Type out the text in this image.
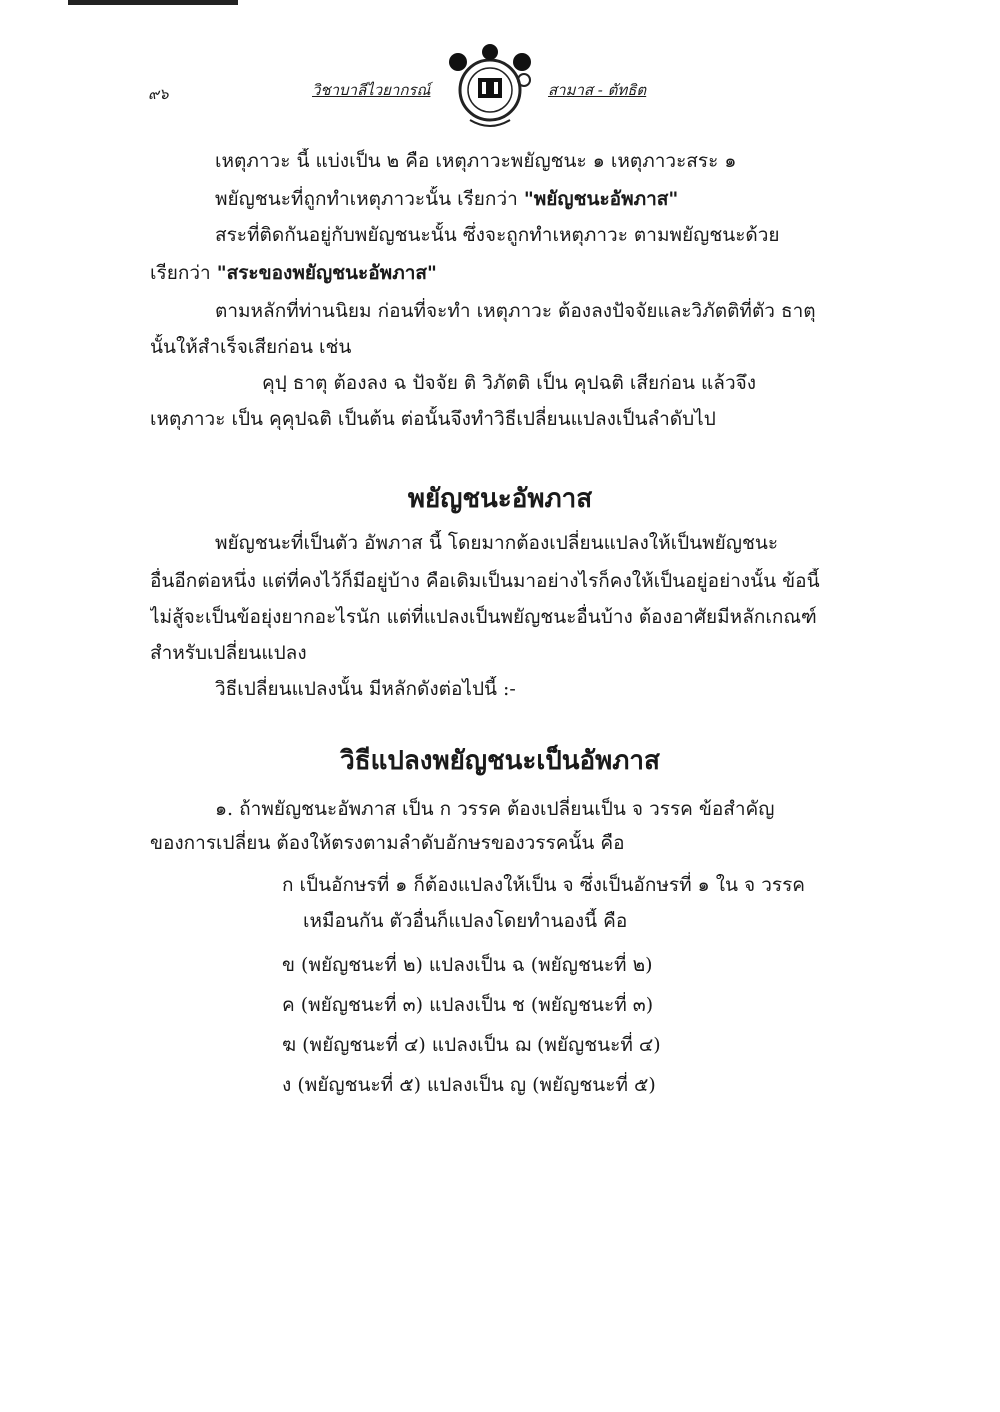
๙๖	วิชาบาลีไวยากรณ์	สามาส - ตัทธิต
เหตุภาวะ นี้ แบ่งเป็น ๒ คือ เหตุภาวะพยัญชนะ ๑ เหตุภาวะสระ ๑
พยัญชนะที่ถูกทำเหตุภาวะนั้น เรียกว่า "พยัญชนะอัพภาส"
สระที่ติดกันอยู่กับพยัญชนะนั้น ซึ่งจะถูกทำเหตุภาวะ ตามพยัญชนะด้วย
เรียกว่า "สระของพยัญชนะอัพภาส"
ตามหลักที่ท่านนิยม ก่อนที่จะทำ เหตุภาวะ ต้องลงปัจจัยและวิภัตติที่ตัว ธาตุ
นั้นให้สำเร็จเสียก่อน เช่น
คุปฺ ธาตุ ต้องลง ฉ ปัจจัย ติ วิภัตติ เป็น คุปฉติ เสียก่อน แล้วจึง
เหตุภาวะ เป็น คุคุปฉติ เป็นต้น ต่อนั้นจึงทำวิธีเปลี่ยนแปลงเป็นลำดับไป
พยัญชนะอัพภาส
พยัญชนะที่เป็นตัว อัพภาส นี้ โดยมากต้องเปลี่ยนแปลงให้เป็นพยัญชนะ
อื่นอีกต่อหนึ่ง แต่ที่คงไว้ก็มีอยู่บ้าง คือเดิมเป็นมาอย่างไรก็คงให้เป็นอยู่อย่างนั้น ข้อนี้
ไม่สู้จะเป็นข้อยุ่งยากอะไรนัก แต่ที่แปลงเป็นพยัญชนะอื่นบ้าง ต้องอาศัยมีหลักเกณฑ์
สำหรับเปลี่ยนแปลง
วิธีเปลี่ยนแปลงนั้น มีหลักดังต่อไปนี้ :-
วิธีแปลงพยัญชนะเป็นอัพภาส
๑. ถ้าพยัญชนะอัพภาส เป็น ก วรรค ต้องเปลี่ยนเป็น จ วรรค ข้อสำคัญ
ของการเปลี่ยน ต้องให้ตรงตามลำดับอักษรของวรรคนั้น คือ
ก เป็นอักษรที่ ๑ ก็ต้องแปลงให้เป็น จ ซึ่งเป็นอักษรที่ ๑ ใน จ วรรค
เหมือนกัน ตัวอื่นก็แปลงโดยทำนองนี้ คือ
ข (พยัญชนะที่ ๒) แปลงเป็น ฉ (พยัญชนะที่ ๒)
ค (พยัญชนะที่ ๓) แปลงเป็น ช (พยัญชนะที่ ๓)
ฆ (พยัญชนะที่ ๔) แปลงเป็น ฌ (พยัญชนะที่ ๔)
ง (พยัญชนะที่ ๕) แปลงเป็น ญ (พยัญชนะที่ ๕)
